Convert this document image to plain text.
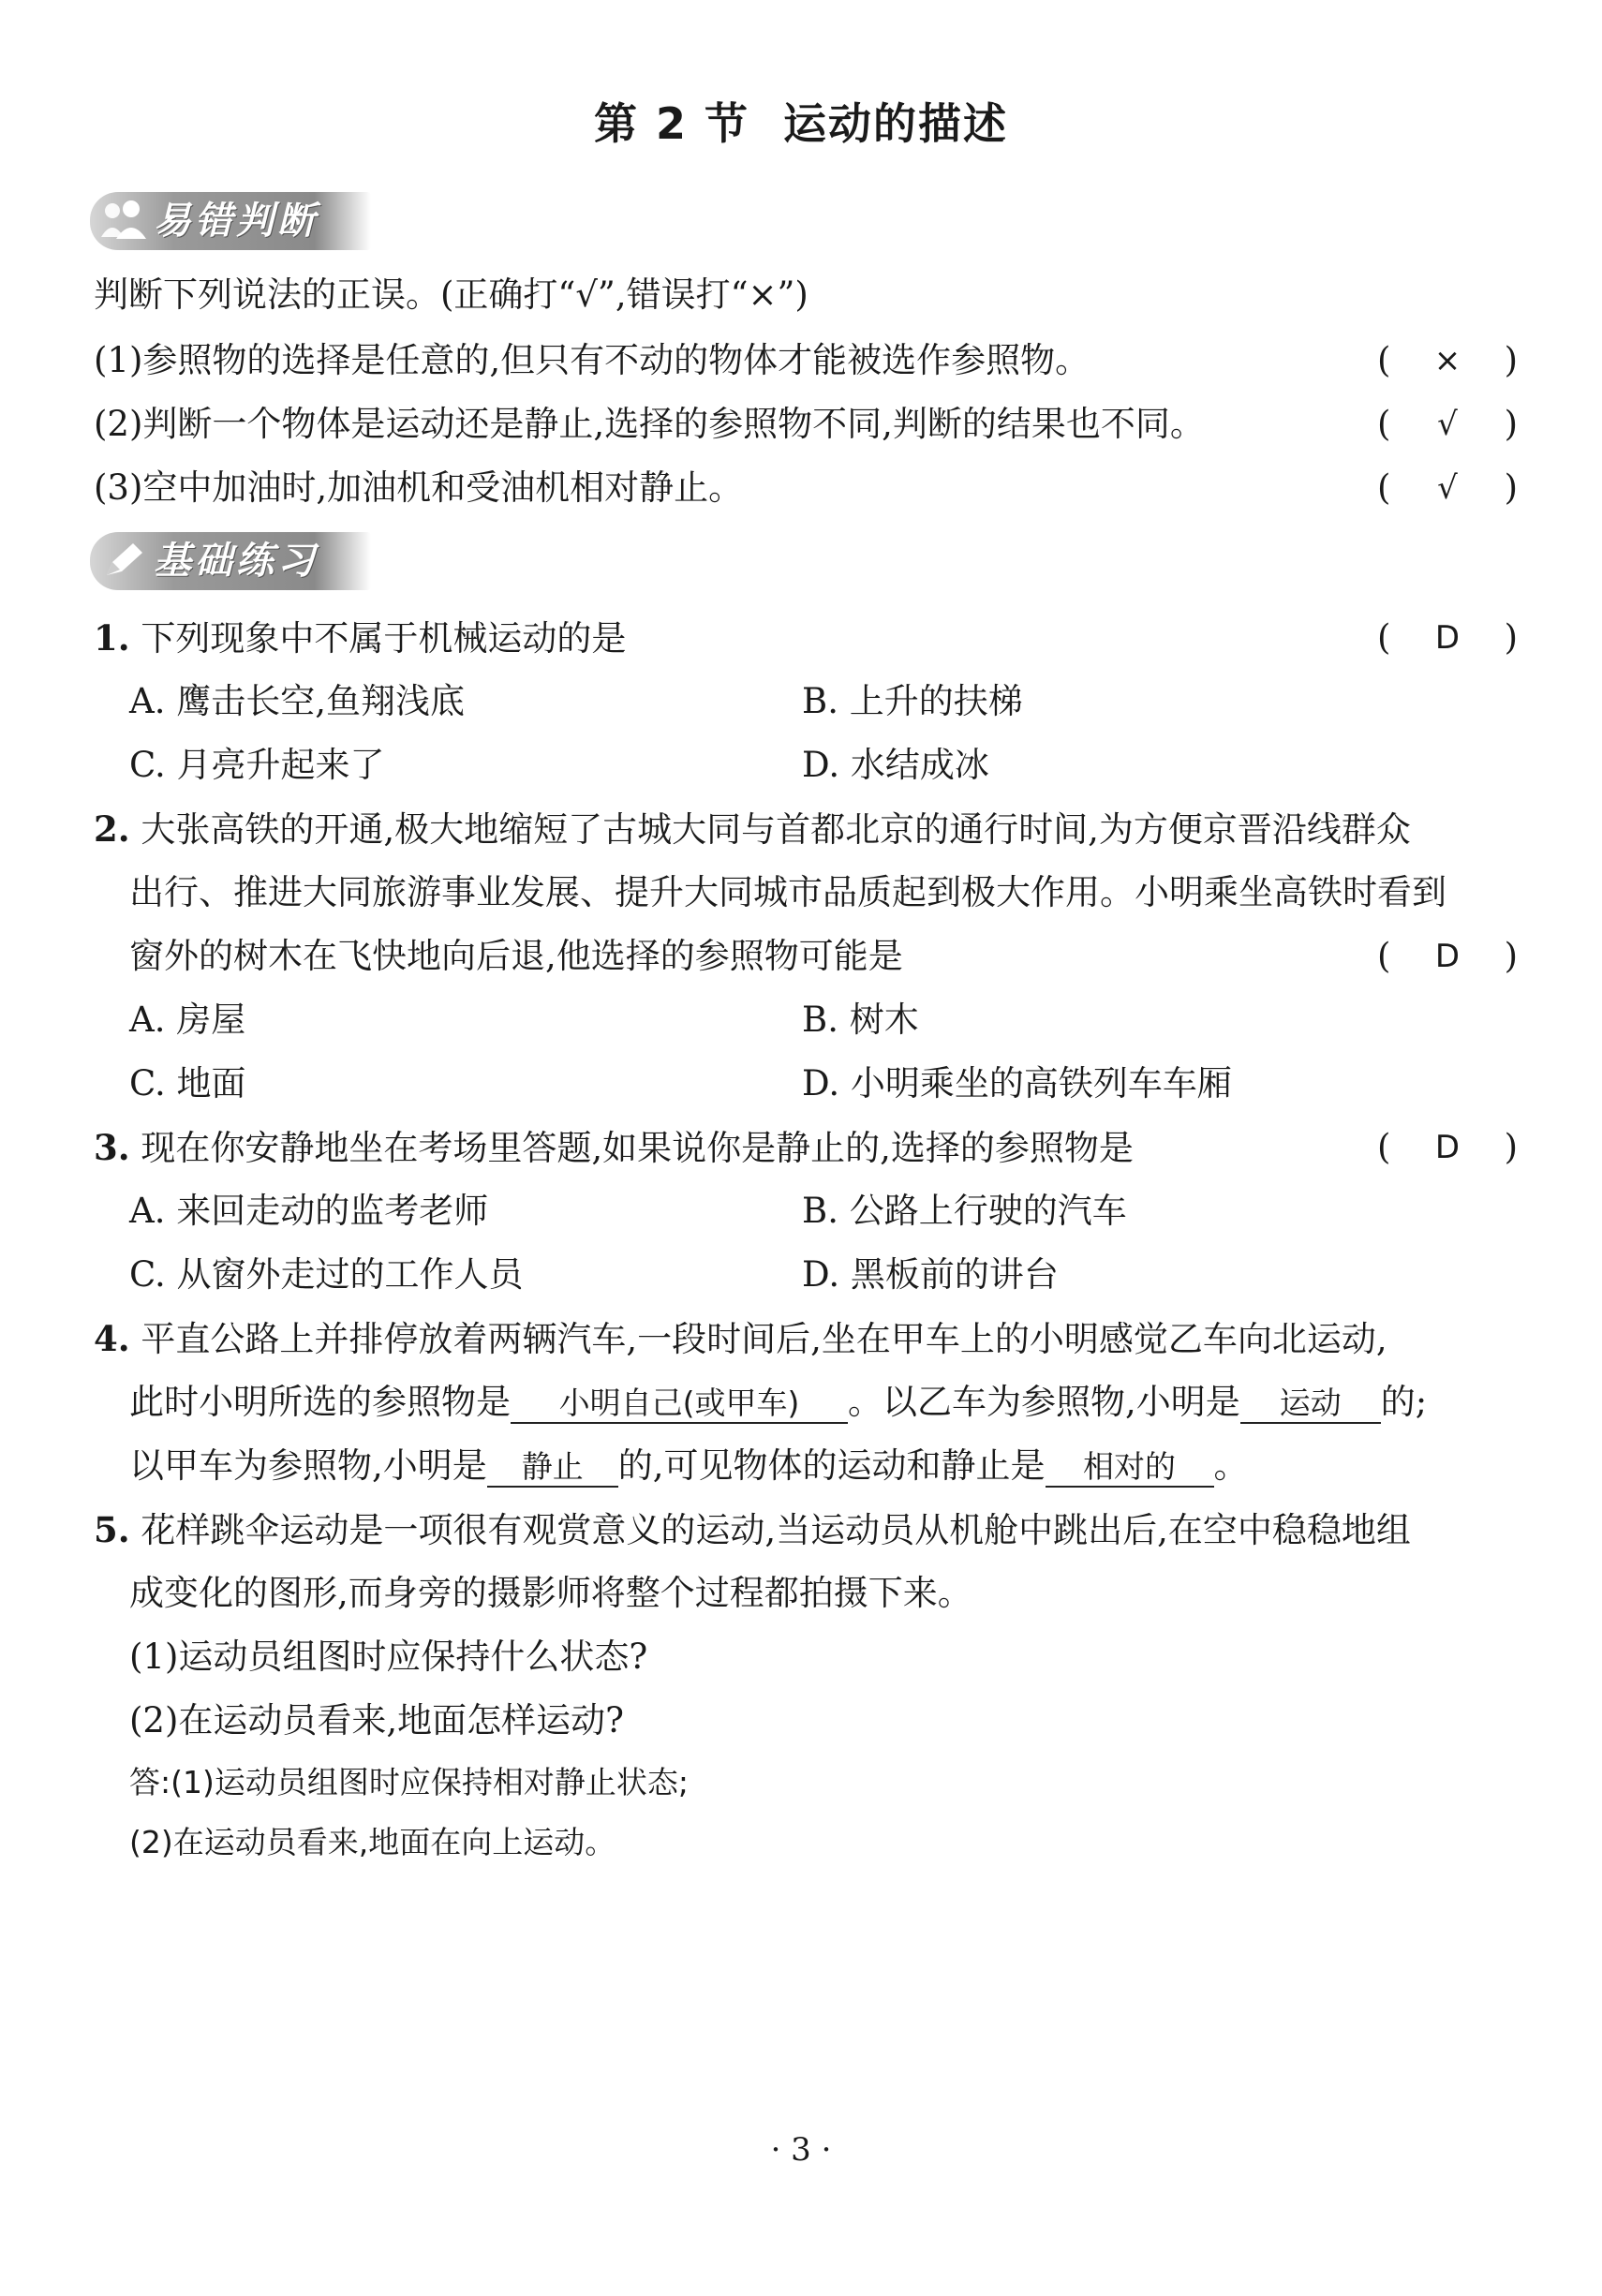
第 2 节 运动的描述
易错判断
判断下列说法的正误。(正确打“√”,错误打“×”)
(1)参照物的选择是任意的,但只有不动的物体才能被选作参照物。	(	×	)
(2)判断一个物体是运动还是静止,选择的参照物不同,判断的结果也不同。	(	√	)
(3)空中加油时,加油机和受油机相对静止。	(	√	)
基础练习
1. 下列现象中不属于机械运动的是	(	D	)
A. 鹰击长空,鱼翔浅底	B. 上升的扶梯
C. 月亮升起来了	D. 水结成冰
2. 大张高铁的开通,极大地缩短了古城大同与首都北京的通行时间,为方便京晋沿线群众
出行、推进大同旅游事业发展、提升大同城市品质起到极大作用。小明乘坐高铁时看到
窗外的树木在飞快地向后退,他选择的参照物可能是	(	D	)
A. 房屋	B. 树木
C. 地面	D. 小明乘坐的高铁列车车厢
3. 现在你安静地坐在考场里答题,如果说你是静止的,选择的参照物是	(	D	)
A. 来回走动的监考老师	B. 公路上行驶的汽车
C. 从窗外走过的工作人员	D. 黑板前的讲台
4. 平直公路上并排停放着两辆汽车,一段时间后,坐在甲车上的小明感觉乙车向北运动,
此时小明所选的参照物是 小明自己(或甲车) 。以乙车为参照物,小明是 运动 的;
以甲车为参照物,小明是 静止 的,可见物体的运动和静止是 相对的 。
5. 花样跳伞运动是一项很有观赏意义的运动,当运动员从机舱中跳出后,在空中稳稳地组
成变化的图形,而身旁的摄影师将整个过程都拍摄下来。
(1)运动员组图时应保持什么状态?
(2)在运动员看来,地面怎样运动?
答:(1)运动员组图时应保持相对静止状态;
(2)在运动员看来,地面在向上运动。
· 3 ·
